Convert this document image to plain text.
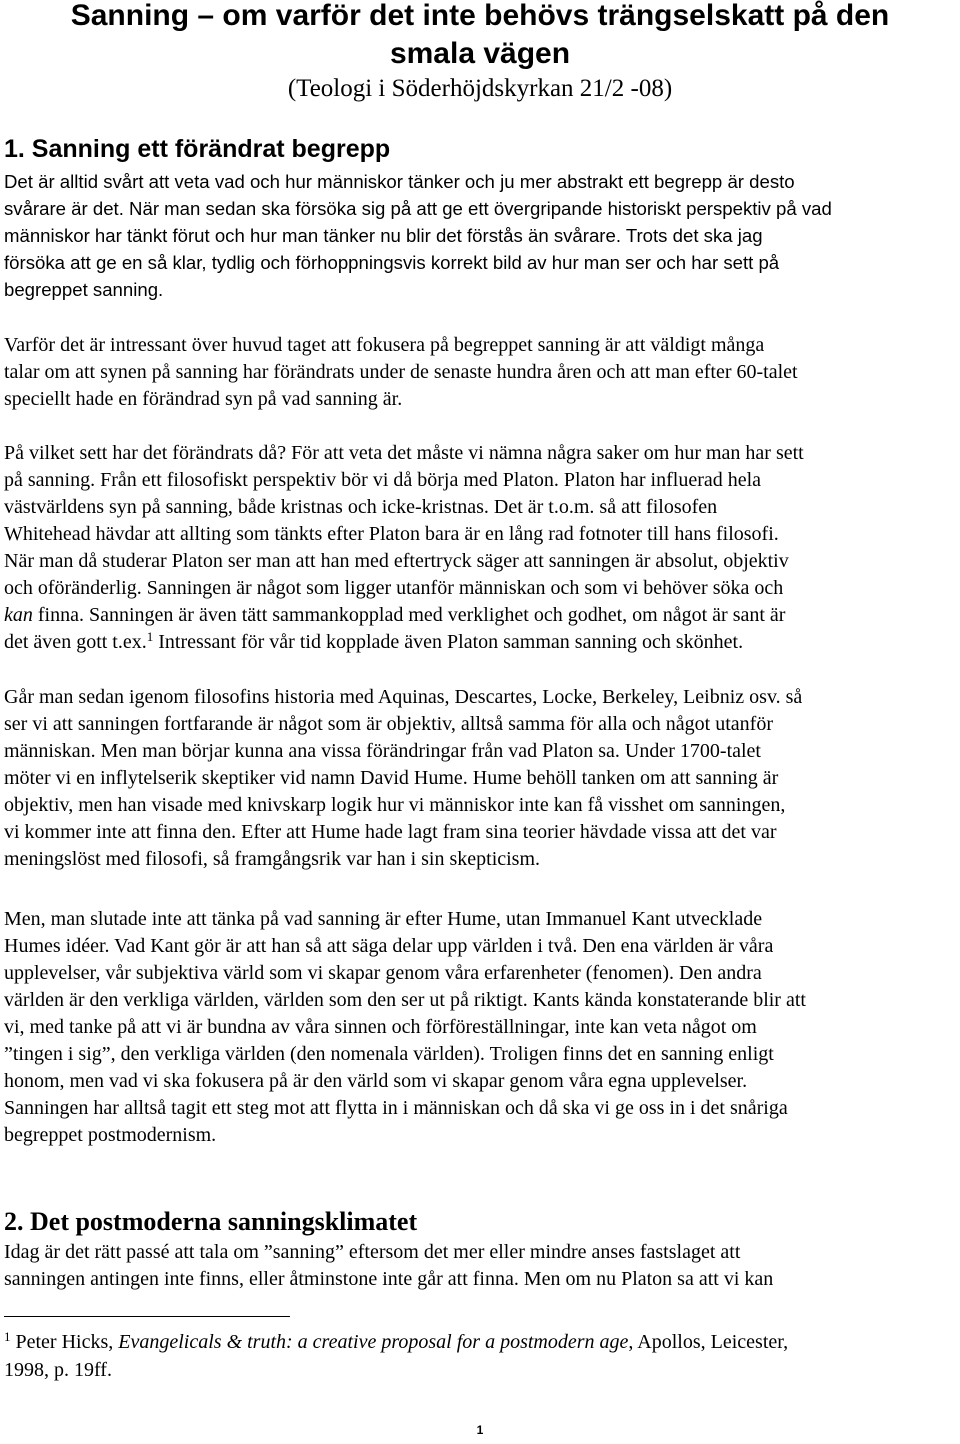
Sanning – om varför det inte behövs trängselskatt på den
smala vägen

(Teologi i Söderhöjdskyrkan 21/2 -08)

1. Sanning ett förändrat begrepp
Det är alltid svårt att veta vad och hur människor tänker och ju mer abstrakt ett begrepp är desto
svårare är det. När man sedan ska försöka sig på att ge ett övergripande historiskt perspektiv på vad
människor har tänkt förut och hur man tänker nu blir det förstås än svårare. Trots det ska jag
försöka att ge en så klar, tydlig och förhoppningsvis korrekt bild av hur man ser och har sett på
begreppet sanning.
Varför det är intressant över huvud taget att fokusera på begreppet sanning är att väldigt många
talar om att synen på sanning har förändrats under de senaste hundra åren och att man efter 60-talet
speciellt hade en förändrad syn på vad sanning är.
På vilket sett har det förändrats då? För att veta det måste vi nämna några saker om hur man har sett
på sanning. Från ett filosofiskt perspektiv bör vi då börja med Platon. Platon har influerad hela
västvärldens syn på sanning, både kristnas och icke-kristnas. Det är t.o.m. så att filosofen
Whitehead hävdar att allting som tänkts efter Platon bara är en lång rad fotnoter till hans filosofi.
När man då studerar Platon ser man att han med eftertryck säger att sanningen är absolut, objektiv
och oföränderlig. Sanningen är något som ligger utanför människan och som vi behöver söka och
kan finna. Sanningen är även tätt sammankopplad med verklighet och godhet, om något är sant är
det även gott t.ex.$^1$ Intressant för vår tid kopplade även Platon samman sanning och skönhet.
Går man sedan igenom filosofins historia med Aquinas, Descartes, Locke, Berkeley, Leibniz osv. så
ser vi att sanningen fortfarande är något som är objektiv, alltså samma för alla och något utanför
människan. Men man börjar kunna ana vissa förändringar från vad Platon sa. Under 1700-talet
möter vi en inflytelserik skeptiker vid namn David Hume. Hume behöll tanken om att sanning är
objektiv, men han visade med knivskarp logik hur vi människor inte kan få visshet om sanningen,
vi kommer inte att finna den. Efter att Hume hade lagt fram sina teorier hävdade vissa att det var
meningslöst med filosofi, så framgångsrik var han i sin skepticism.
Men, man slutade inte att tänka på vad sanning är efter Hume, utan Immanuel Kant utvecklade
Humes idéer. Vad Kant gör är att han så att säga delar upp världen i två. Den ena världen är våra
upplevelser, vår subjektiva värld som vi skapar genom våra erfarenheter (fenomen). Den andra
världen är den verkliga världen, världen som den ser ut på riktigt. Kants kända konstaterande blir att
vi, med tanke på att vi är bundna av våra sinnen och förföreställningar, inte kan veta något om
”tingen i sig”, den verkliga världen (den nomenala världen). Troligen finns det en sanning enligt
honom, men vad vi ska fokusera på är den värld som vi skapar genom våra egna upplevelser.
Sanningen har alltså tagit ett steg mot att flytta in i människan och då ska vi ge oss in i det snåriga
begreppet postmodernism.
2. Det postmoderna sanningsklimatet
Idag är det rätt passé att tala om ”sanning” eftersom det mer eller mindre anses fastslaget att
sanningen antingen inte finns, eller åtminstone inte går att finna. Men om nu Platon sa att vi kan
$^1$ Peter Hicks, Evangelicals & truth: a creative proposal for a postmodern age, Apollos, Leicester,
1998, p. 19ff.
1
